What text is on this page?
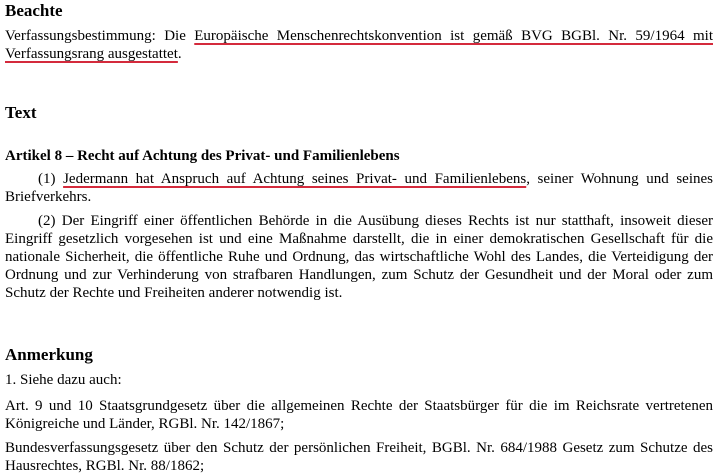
Beachte

Verfassungsbestimmung: Die Europäische Menschenrechtskonvention ist gemäß BVG BGBl. Nr. 59/1964 mit Verfassungsrang ausgestattet.

Text
Artikel 8 – Recht auf Achtung des Privat- und Familienlebens

(1) Jedermann hat Anspruch auf Achtung seines Privat- und Familienlebens, seiner Wohnung und seines Briefverkehrs.

(2) Der Eingriff einer öffentlichen Behörde in die Ausübung dieses Rechts ist nur statthaft, insoweit dieser Eingriff gesetzlich vorgesehen ist und eine Maßnahme darstellt, die in einer demokratischen Gesellschaft für die nationale Sicherheit, die öffentliche Ruhe und Ordnung, das wirtschaftliche Wohl des Landes, die Verteidigung der Ordnung und zur Verhinderung von strafbaren Handlungen, zum Schutz der Gesundheit und der Moral oder zum Schutz der Rechte und Freiheiten anderer notwendig ist.

Anmerkung

1. Siehe dazu auch:

Art. 9 und 10 Staatsgrundgesetz über die allgemeinen Rechte der Staatsbürger für die im Reichsrate vertretenen Königreiche und Länder, RGBl. Nr. 142/1867;

Bundesverfassungsgesetz über den Schutz der persönlichen Freiheit, BGBl. Nr. 684/1988 Gesetz zum Schutze des Hausrechtes, RGBl. Nr. 88/1862;
